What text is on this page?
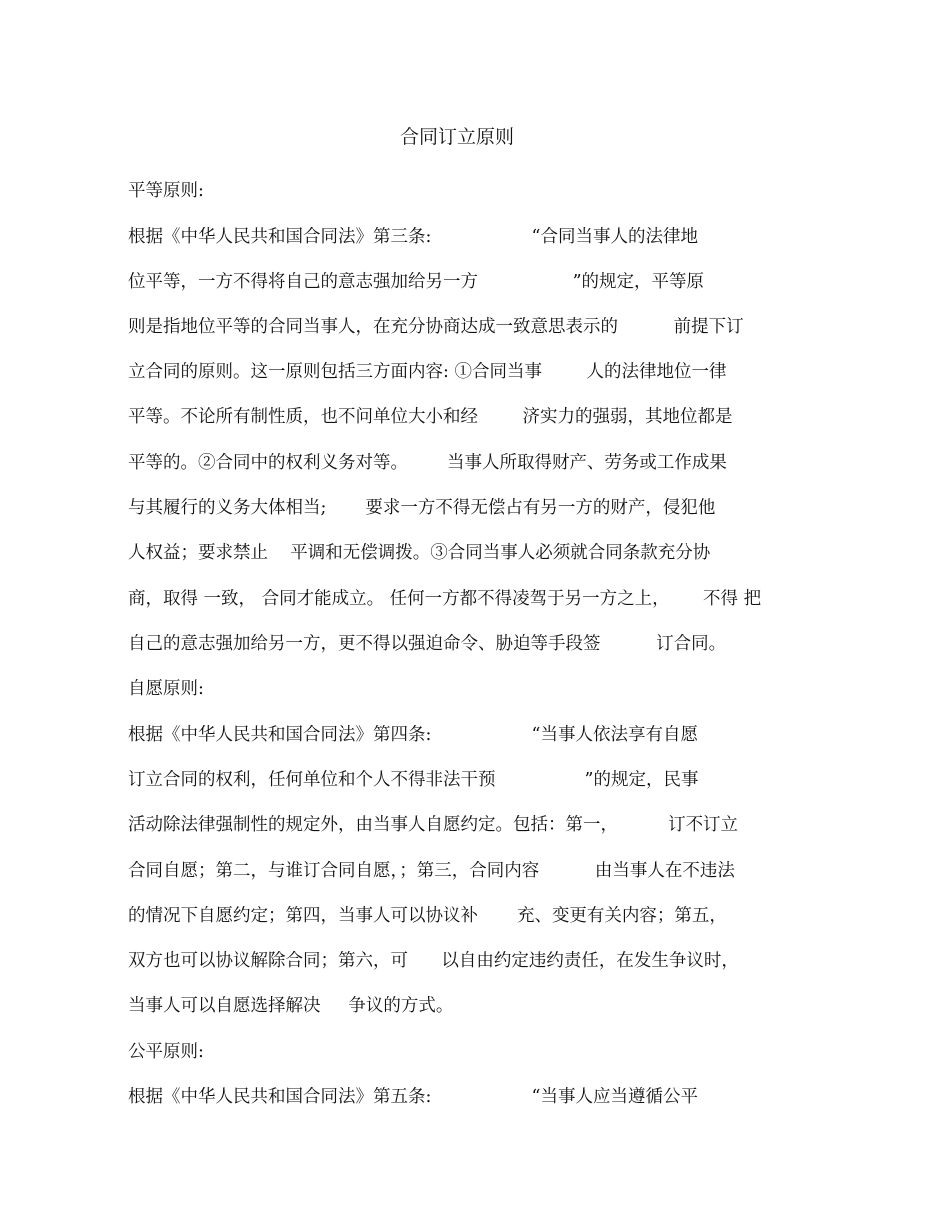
合同订立原则
平等原则:
根据《中华人民共和国合同法》第三条:                  “合同当事人的法律地
位平等，一方不得将自己的意志强加给另一方                 ”的规定，平等原
则是指地位平等的合同当事人，在充分协商达成一致意思表示的          前提下订
立合同的原则。这一原则包括三方面内容: ①合同当事        人的法律地位一律
平等。不论所有制性质，也不问单位大小和经        济实力的强弱，其地位都是
平等的。②合同中的权利义务对等。       当事人所取得财产、劳务或工作成果
与其履行的义务大体相当;       要求一方不得无偿占有另一方的财产，侵犯他
人权益；要求禁止    平调和无偿调拨。③合同当事人必须就合同条款充分协
商，取得 一致， 合同才能成立。 任何一方都不得凌驾于另一方之上，      不得 把
自己的意志强加给另一方，更不得以强迫命令、胁迫等手段签          订合同。
自愿原则:
根据《中华人民共和国合同法》第四条:                  “当事人依法享有自愿
订立合同的权利，任何单位和个人不得非法干预                ”的规定，民事
活动除法律强制性的规定外，由当事人自愿约定。包括：第一，         订不订立
合同自愿；第二，与谁订合同自愿，；第三，合同内容          由当事人在不违法
的情况下自愿约定；第四，当事人可以协议补       充、变更有关内容；第五，
双方也可以协议解除合同；第六，可      以自由约定违约责任，在发生争议时，
当事人可以自愿选择解决     争议的方式。
公平原则:
根据《中华人民共和国合同法》第五条:                  “当事人应当遵循公平
